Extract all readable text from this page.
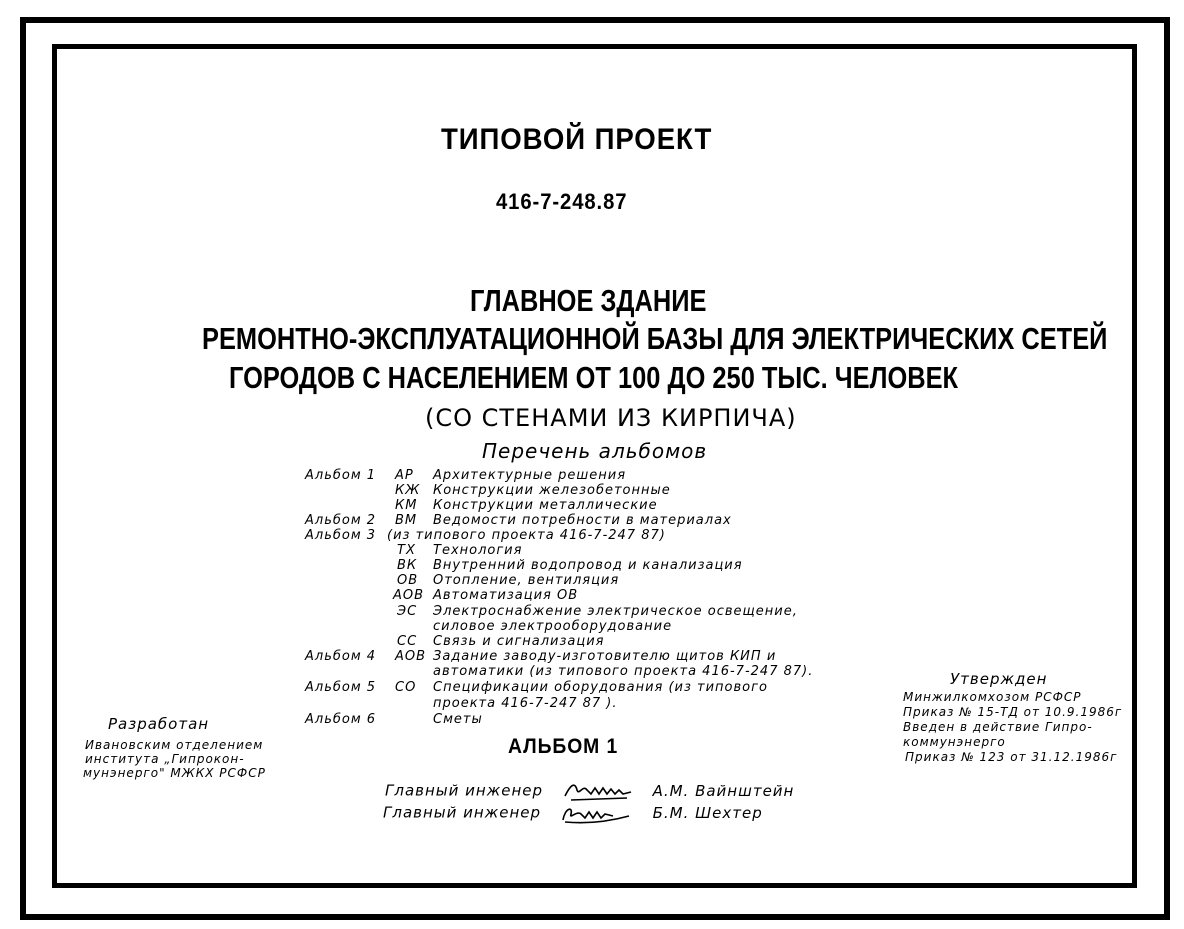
ТИПОВОЙ ПРОЕКТ
416-7-248.87
ГЛАВНОЕ ЗДАНИЕ
РЕМОНТНО-ЭКСПЛУАТАЦИОННОЙ БАЗЫ ДЛЯ ЭЛЕКТРИЧЕСКИХ СЕТЕЙ
ГОРОДОВ С НАСЕЛЕНИЕМ ОТ 100 ДО 250 ТЫС. ЧЕЛОВЕК
(СО СТЕНАМИ ИЗ КИРПИЧА)
Перечень альбомов
Альбом 1 АР	Архитектурные решения
КЖ Конструкции железобетонные
КМ	Конструкции металлические
Альбом 2 ВМ	Ведомости потребности в материалах
Альбом 3 (из типового проекта 416-7-247 87)
ТХ	Технология
ВК	Внутренний водопровод и канализация
ОВ	Отопление, вентиляция
АОВ Автоматизация ОВ
ЭС	Электроснабжение электрическое освещение,
силовое электрооборудование
СС	Связь и сигнализация
Альбом 4 АОВ Задание заводу-изготовителю щитов КИП и
автоматики (из типового проекта 416-7-247 87).
Альбом 5 СО	Спецификации оборудования (из типового
проекта 416-7-247 87 ).
Альбом 6	Сметы
АЛЬБОМ 1
Разработан
Ивановским отделением
института „Гипрокон-
мунэнерго" МЖКХ РСФСР
Утвержден
Минжилкомхозом РСФСР
Приказ № 15-ТД от 10.9.1986г
Введен в действие Гипро-
коммунэнерго
Приказ № 123 от 31.12.1986г
Главный инженер	А.М. Вайнштейн
Главный инженер	Б.М. Шехтер
